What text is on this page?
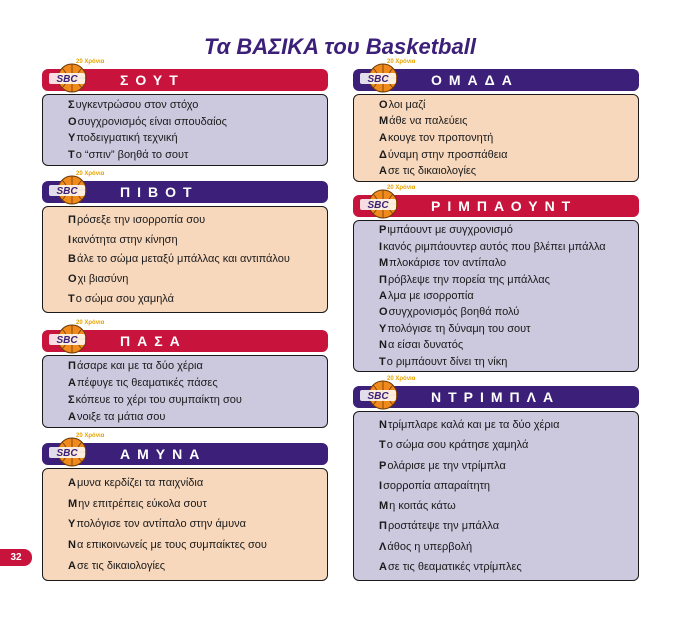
Τα ΒΑΣΙΚΑ του Basketball
ΣΟΥΤ
SBC
20 Χρόνια
Συγκεντρώσου στον στόχο
Οσυγχρονισμός είναι σπουδαίος
Υποδειγματική τεχνική
Το “σπιν” βοηθά το σουτ
ΠΙΒΟΤ
SBC
20 Χρόνια
Πρόσεξε την ισορροπία σου
Ικανότητα στην κίνηση
Βάλε το σώμα μεταξύ μπάλλας και αντιπάλου
Οχι βιασύνη
Το σώμα σου χαμηλά
ΠΑΣΑ
SBC
20 Χρόνια
Πάσαρε και με τα δύο χέρια
Απέφυγε τις θεαματικές πάσες
Σκόπευε το χέρι του συμπαίκτη σου
Ανοιξε τα μάτια σου
ΑΜΥΝΑ
SBC
20 Χρόνια
Αμυνα κερδίζει τα παιχνίδια
Μην επιτρέπεις εύκολα σουτ
Υπολόγισε τον αντίπαλο στην άμυνα
Να επικοινωνείς με τους συμπαίκτες σου
Ασε τις δικαιολογίες
ΟΜΑΔΑ
SBC
20 Χρόνια
Ολοι μαζί
Μάθε να παλεύεις
Ακουγε τον προπονητή
Δύναμη στην προσπάθεια
Ασε τις δικαιολογίες
ΡΙΜΠΑΟΥΝΤ
SBC
20 Χρόνια
Ριμπάουντ με συγχρονισμό
Ικανός ριμπάουντερ αυτός που βλέπει μπάλλα
Μπλοκάρισε τον αντίπαλο
Πρόβλεψε την πορεία της μπάλλας
Αλμα με ισορροπία
Οσυγχρονισμός βοηθά πολύ
Υπολόγισε τη δύναμη του σουτ
Να είσαι δυνατός
Το ριμπάουντ δίνει τη νίκη
ΝΤΡΙΜΠΛΑ
SBC
20 Χρόνια
Ντρίμπλαρε καλά και με τα δύο χέρια
Το σώμα σου κράτησε χαμηλά
Ρολάρισε με την ντρίμπλα
Ισορροπία απαραίτητη
Μη κοιτάς κάτω
Προστάτεψε την μπάλλα
Λάθος η υπερβολή
Ασε τις θεαματικές ντρίμπλες
32
